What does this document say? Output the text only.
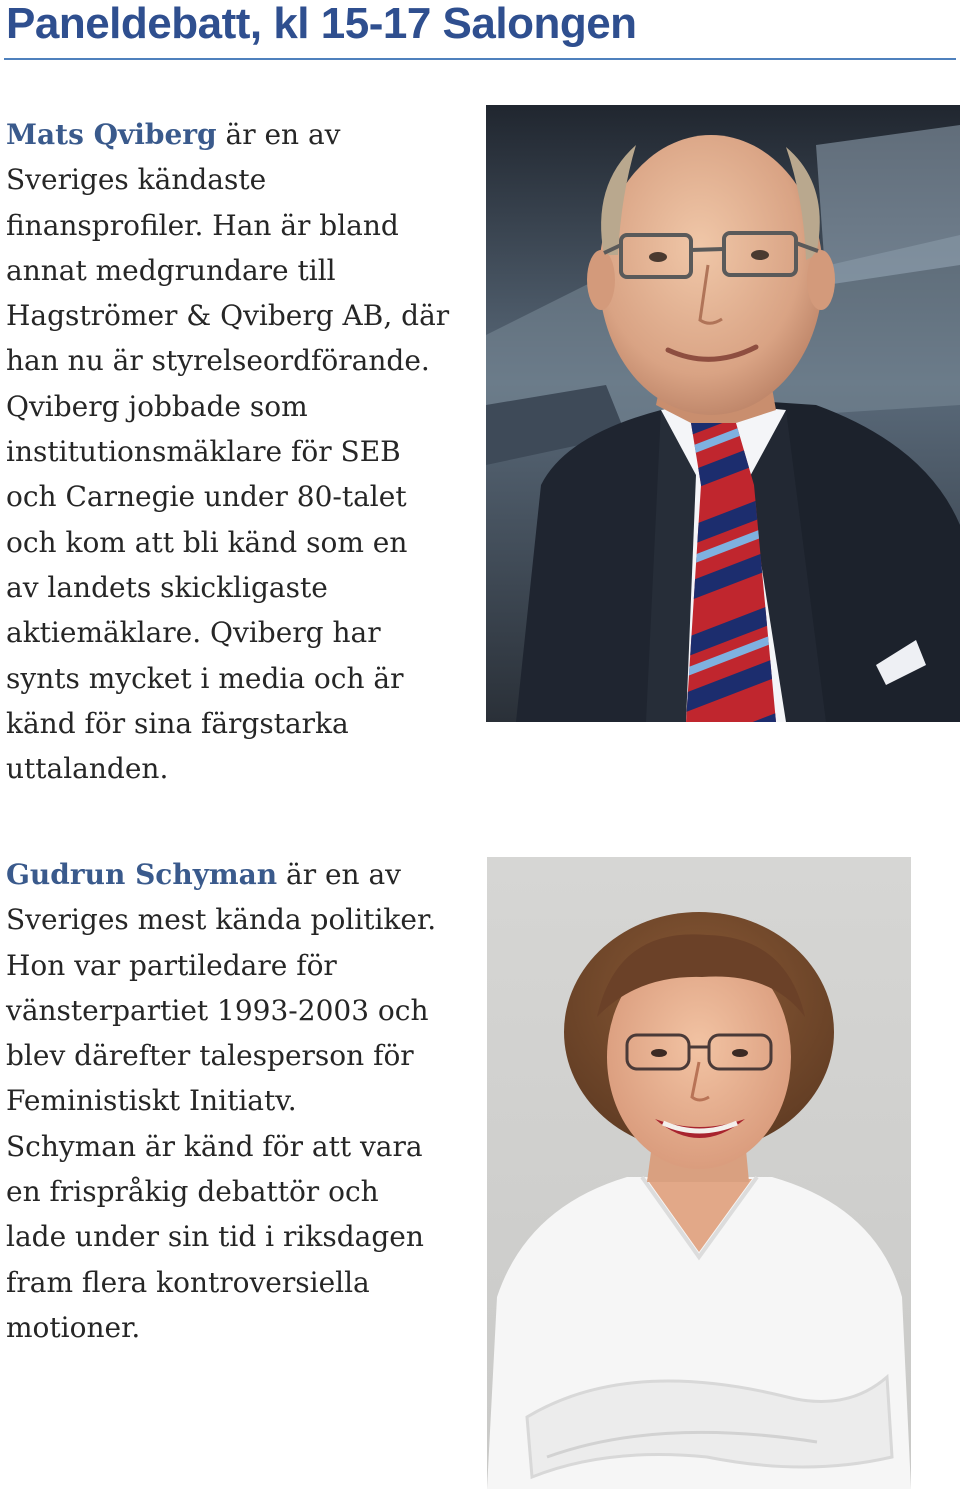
Paneldebatt, kl 15-17 Salongen

Mats Qviberg är en av
Sveriges kändaste
finansprofiler. Han är bland
annat medgrundare till
Hagströmer & Qviberg AB, där
han nu är styrelseordförande.
Qviberg jobbade som
institutionsmäklare för SEB
och Carnegie under 80-talet
och kom att bli känd som en
av landets skickligaste
aktiemäklare. Qviberg har
synts mycket i media och är
känd för sina färgstarka
uttalanden.

Gudrun Schyman är en av
Sveriges mest kända politiker.
Hon var partiledare för
vänsterpartiet 1993-2003 och
blev därefter talesperson för
Feministiskt Initiatv.
Schyman är känd för att vara
en frispråkig debattör och
lade under sin tid i riksdagen
fram flera kontroversiella
motioner.
